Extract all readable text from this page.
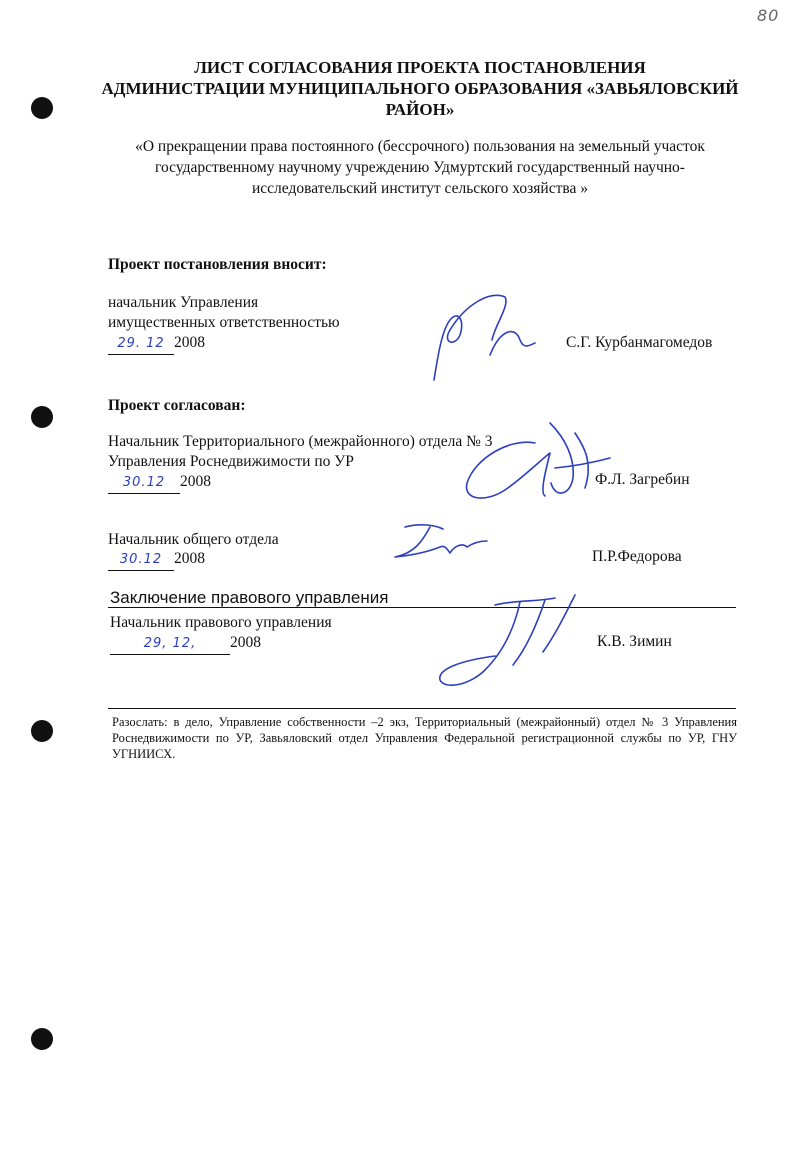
80
ЛИСТ СОГЛАСОВАНИЯ ПРОЕКТА ПОСТАНОВЛЕНИЯ
АДМИНИСТРАЦИИ МУНИЦИПАЛЬНОГО ОБРАЗОВАНИЯ «ЗАВЬЯЛОВСКИЙ
РАЙОН»
«О прекращении права постоянного (бессрочного) пользования на земельный участок
государственному научному учреждению Удмуртский государственный научно-
исследовательский институт сельского хозяйства »
Проект постановления вносит:
начальник Управления
имущественных ответственностью
29. 12 2008	С.Г. Курбанмагомедов
Проект согласован:
Начальник Территориального (межрайонного) отдела № 3
Управления Роснедвижимости по УР
30.12 2008	Ф.Л. Загребин
Начальник общего отдела
30.12 2008	П.Р.Федорова
Заключение правового управления
Начальник правового управления
29, 12, 2008	К.В. Зимин
Разослать: в дело, Управление собственности –2 экз, Территориальный (межрайонный) отдел № 3 Управления Роснедвижимости по УР, Завьяловский отдел Управления Федеральной регистрационной службы по УР, ГНУ УГНИИСХ.
